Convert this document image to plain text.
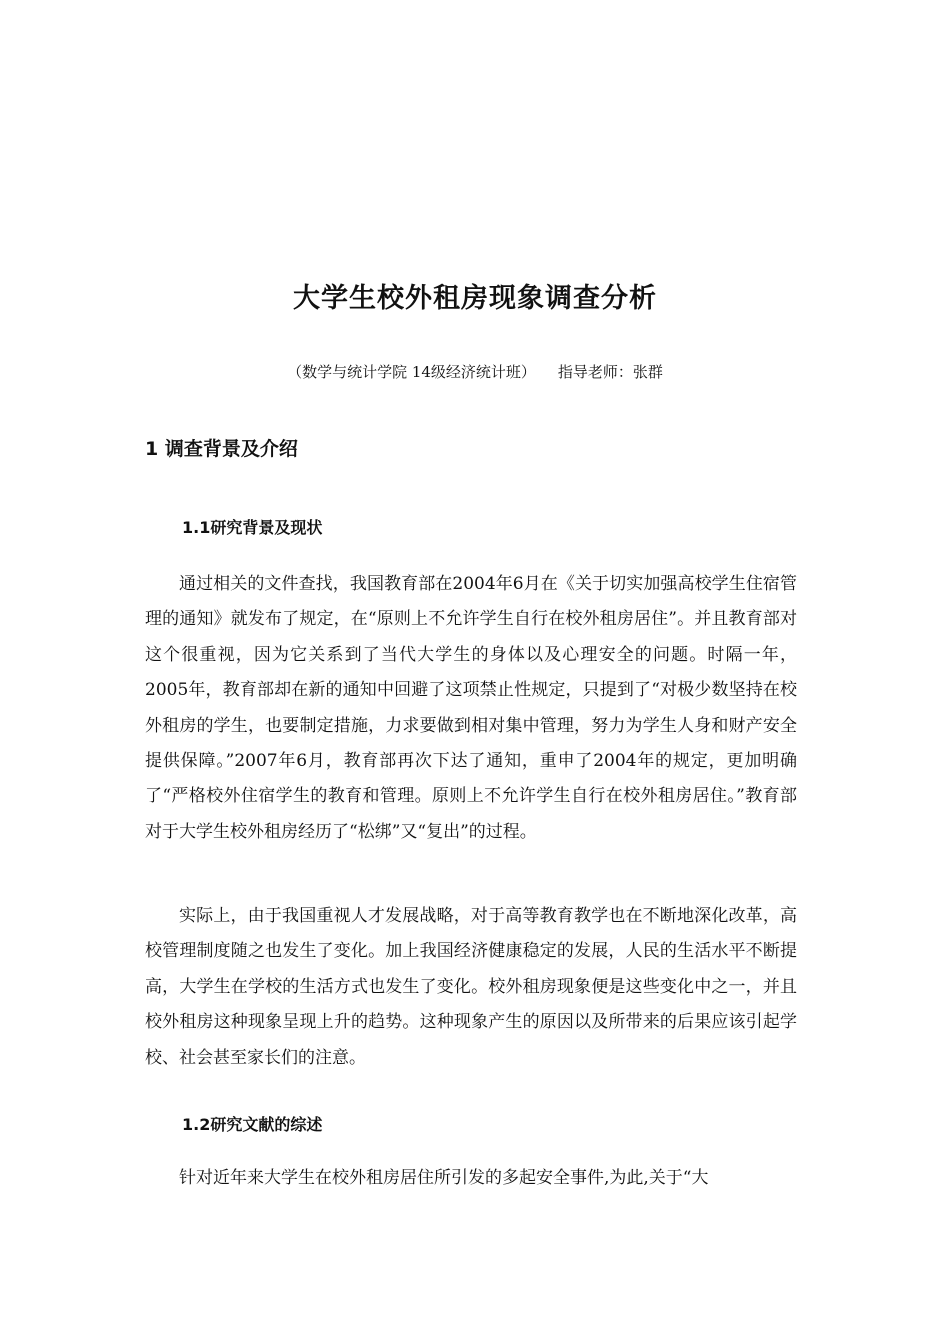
大学生校外租房现象调查分析
（数学与统计学院 14级经济统计班） 指导老师：张群
1 调查背景及介绍
1.1研究背景及现状

通过相关的文件查找，我国教育部在2004年6月在《关于切实加强高校学生住宿管理的通知》就发布了规定，在“原则上不允许学生自行在校外租房居住”。并且教育部对这个很重视，因为它关系到了当代大学生的身体以及心理安全的问题。时隔一年，2005年，教育部却在新的通知中回避了这项禁止性规定，只提到了“对极少数坚持在校外租房的学生，也要制定措施，力求要做到相对集中管理，努力为学生人身和财产安全提供保障。”2007年6月，教育部再次下达了通知，重申了2004年的规定，更加明确了“严格校外住宿学生的教育和管理。原则上不允许学生自行在校外租房居住。”教育部对于大学生校外租房经历了“松绑”又“复出”的过程。

实际上，由于我国重视人才发展战略，对于高等教育教学也在不断地深化改革，高校管理制度随之也发生了变化。加上我国经济健康稳定的发展，人民的生活水平不断提高，大学生在学校的生活方式也发生了变化。校外租房现象便是这些变化中之一，并且校外租房这种现象呈现上升的趋势。这种现象产生的原因以及所带来的后果应该引起学校、社会甚至家长们的注意。

1.2研究文献的综述

针对近年来大学生在校外租房居住所引发的多起安全事件,为此,关于“大
